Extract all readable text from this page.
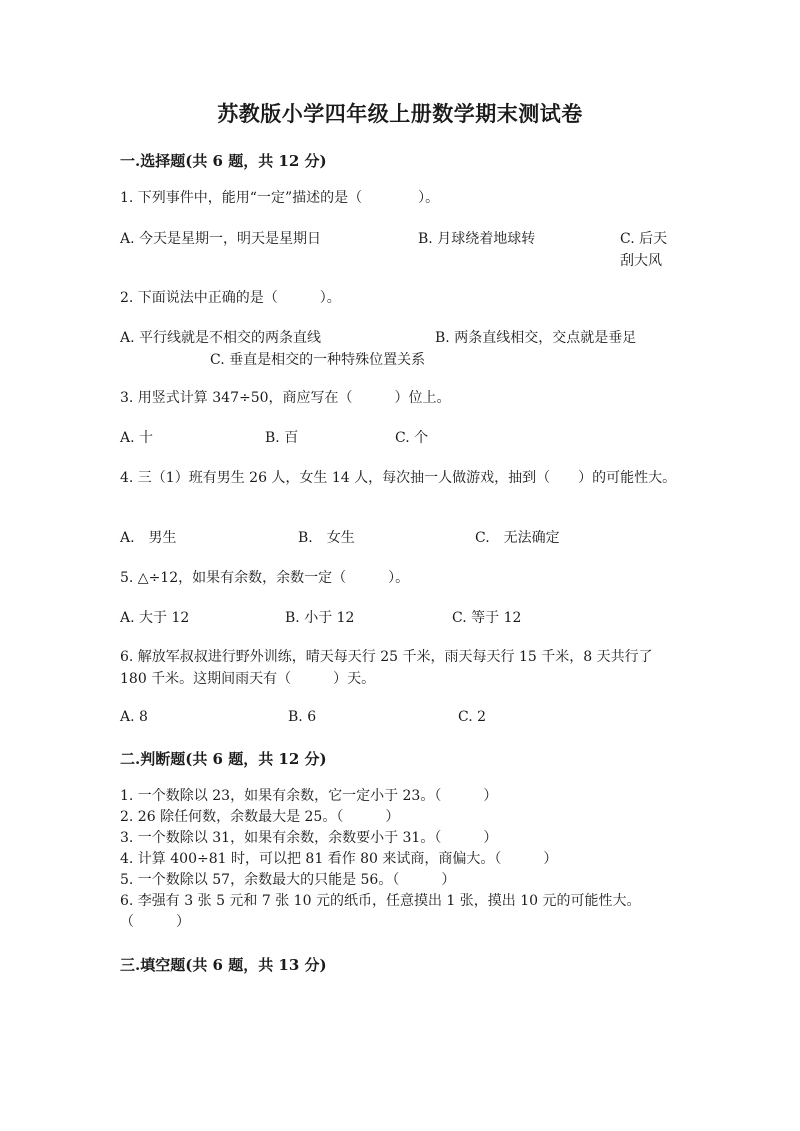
苏教版小学四年级上册数学期末测试卷
一.选择题(共 6 题，共 12 分)
1. 下列事件中，能用“一定”描述的是（　　　　）。
A. 今天是星期一，明天是星期日	B. 月球绕着地球转	C. 后天刮大风
2. 下面说法中正确的是（　　　）。
A. 平行线就是不相交的两条直线	B. 两条直线相交，交点就是垂足
C. 垂直是相交的一种特殊位置关系
3. 用竖式计算 347÷50，商应写在（　　　）位上。
A. 十	B. 百	C. 个
4. 三（1）班有男生 26 人，女生 14 人，每次抽一人做游戏，抽到（　　）的可能性大。
A.　男生	B.　女生	C.　无法确定
5. △÷12，如果有余数，余数一定（　　　）。
A. 大于 12	B. 小于 12	C. 等于 12
6. 解放军叔叔进行野外训练，晴天每天行 25 千米，雨天每天行 15 千米，8 天共行了 180 千米。这期间雨天有（　　　）天。
A. 8	B. 6	C. 2
二.判断题(共 6 题，共 12 分)
1. 一个数除以 23，如果有余数，它一定小于 23。（　　　）
2. 26 除任何数，余数最大是 25。（　　　）
3. 一个数除以 31，如果有余数，余数要小于 31。（　　　）
4. 计算 400÷81 时，可以把 81 看作 80 来试商，商偏大。（　　　）
5. 一个数除以 57，余数最大的只能是 56。（　　　）
6. 李强有 3 张 5 元和 7 张 10 元的纸币，任意摸出 1 张，摸出 10 元的可能性大。（　　　）
三.填空题(共 6 题，共 13 分)
